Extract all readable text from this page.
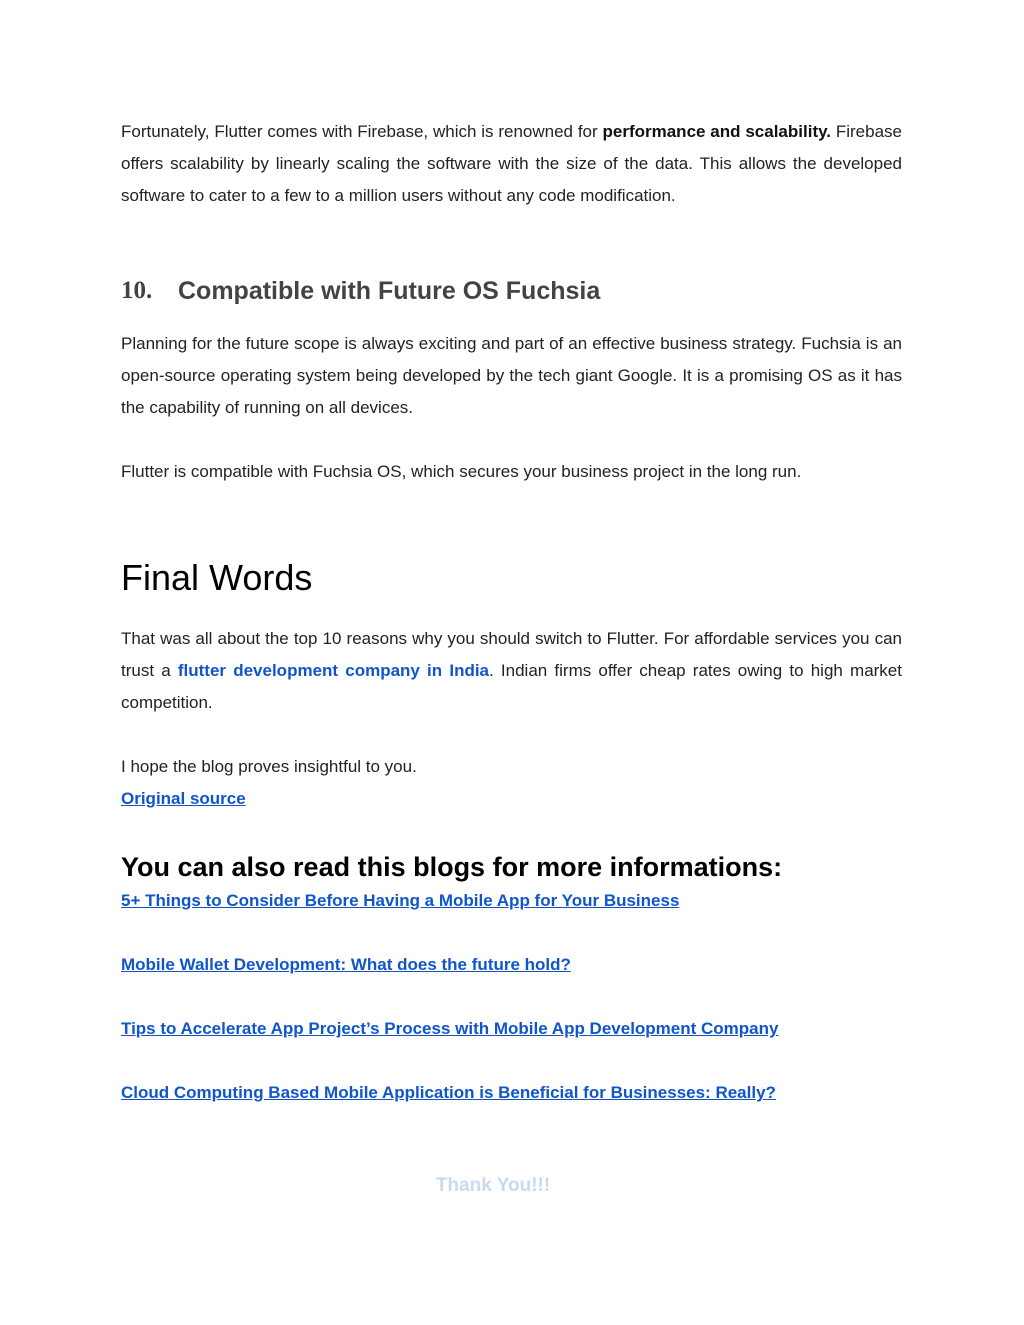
Fortunately, Flutter comes with Firebase, which is renowned for performance and scalability. Firebase offers scalability by linearly scaling the software with the size of the data. This allows the developed software to cater to a few to a million users without any code modification.

10.	Compatible with Future OS Fuchsia

Planning for the future scope is always exciting and part of an effective business strategy. Fuchsia is an open-source operating system being developed by the tech giant Google. It is a promising OS as it has the capability of running on all devices.

Flutter is compatible with Fuchsia OS, which secures your business project in the long run.

Final Words

That was all about the top 10 reasons why you should switch to Flutter. For affordable services you can trust a flutter development company in India. Indian firms offer cheap rates owing to high market competition.

I hope the blog proves insightful to you.

Original source
You can also read this blogs for more informations:
5+ Things to Consider Before Having a Mobile App for Your Business
Mobile Wallet Development: What does the future hold?
Tips to Accelerate App Project’s Process with Mobile App Development Company
Cloud Computing Based Mobile Application is Beneficial for Businesses: Really?
Thank You!!!
